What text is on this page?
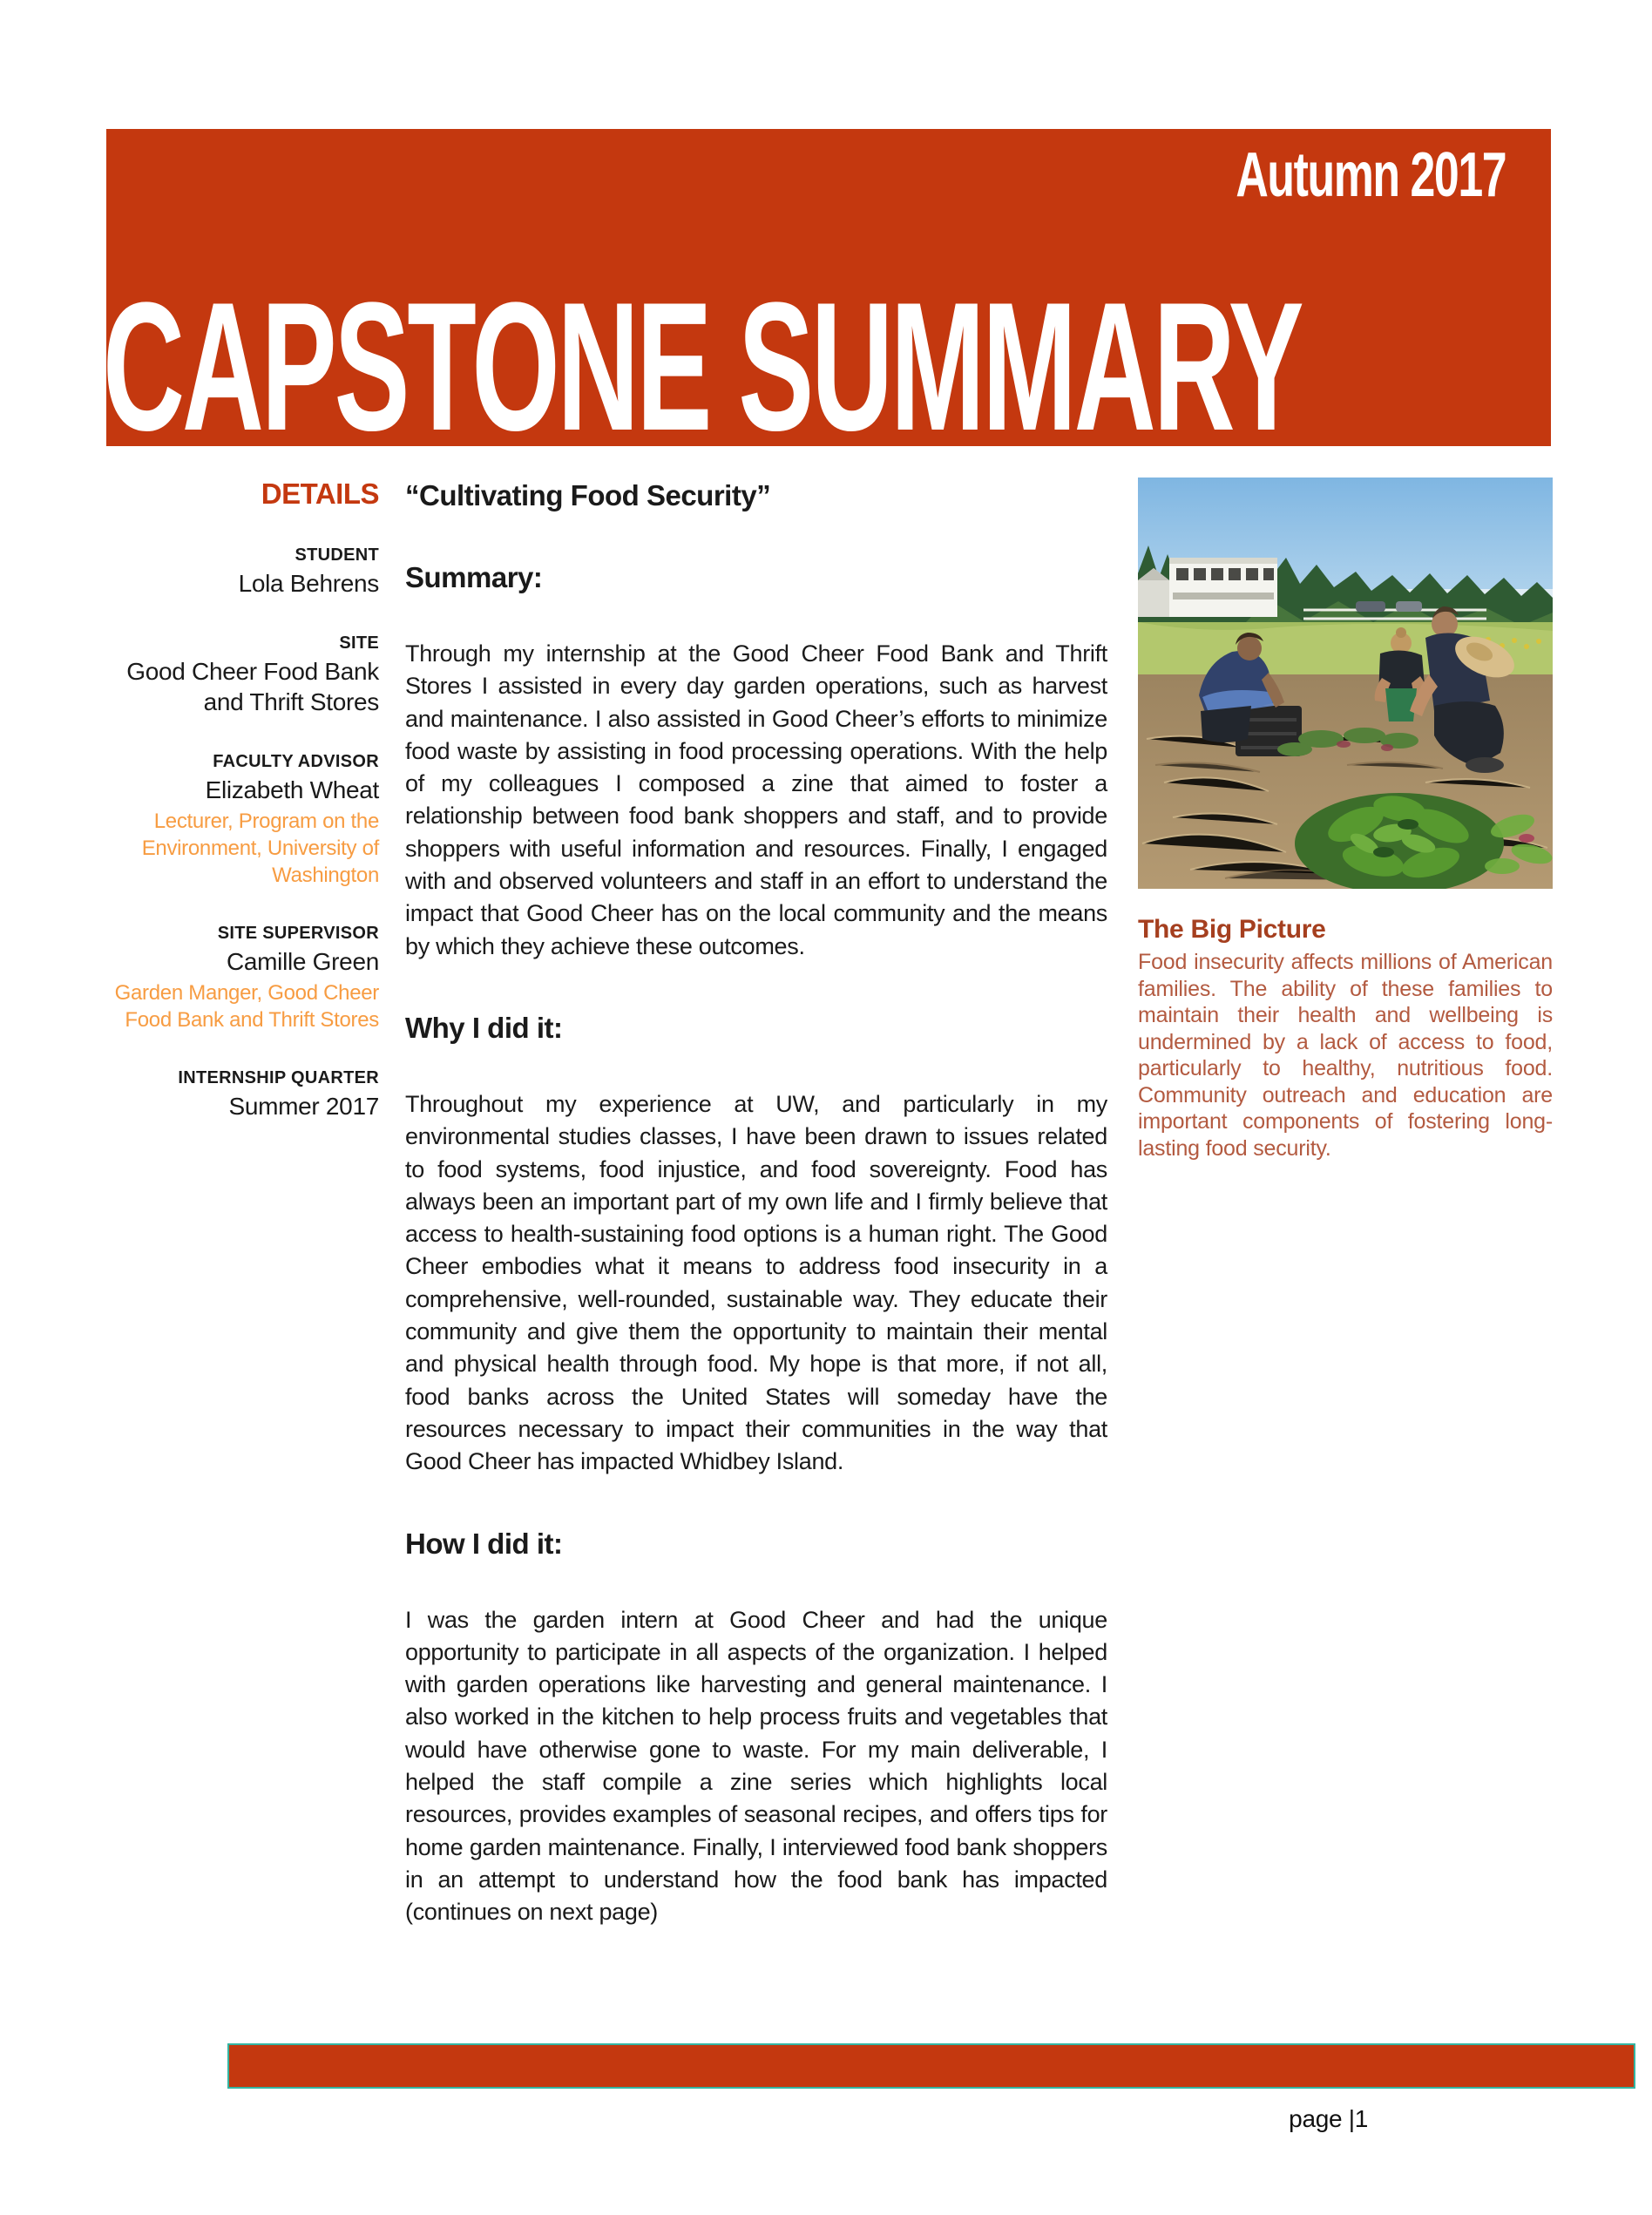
Autumn 2017
CAPSTONE SUMMARY
DETAILS
STUDENT
Lola Behrens
SITE
Good Cheer Food Bank and Thrift Stores
FACULTY ADVISOR
Elizabeth Wheat
Lecturer, Program on the Environment, University of Washington
SITE SUPERVISOR
Camille Green
Garden Manger, Good Cheer Food Bank and Thrift Stores
INTERNSHIP QUARTER
Summer 2017
“Cultivating Food Security”
Summary:
Through my internship at the Good Cheer Food Bank and Thrift Stores I assisted in every day garden operations, such as harvest and maintenance. I also assisted in Good Cheer’s efforts to minimize food waste by assisting in food processing operations. With the help of my colleagues I composed a zine that aimed to foster a relationship between food bank shoppers and staff, and to provide shoppers with useful information and resources. Finally, I engaged with and observed volunteers and staff in an effort to understand the impact that Good Cheer has on the local community and the means by which they achieve these outcomes.
Why I did it:
Throughout my experience at UW, and particularly in my environmental studies classes, I have been drawn to issues related to food systems, food injustice, and food sovereignty. Food has always been an important part of my own life and I firmly believe that access to health-sustaining food options is a human right. The Good Cheer embodies what it means to address food insecurity in a comprehensive, well-rounded, sustainable way. They educate their community and give them the opportunity to maintain their mental and physical health through food. My hope is that more, if not all, food banks across the United States will someday have the resources necessary to impact their communities in the way that Good Cheer has impacted Whidbey Island.
How I did it:
I was the garden intern at Good Cheer and had the unique opportunity to participate in all aspects of the organization. I helped with garden operations like harvesting and general maintenance. I also worked in the kitchen to help process fruits and vegetables that would have otherwise gone to waste. For my main deliverable, I helped the staff compile a zine series which highlights local resources, provides examples of seasonal recipes, and offers tips for home garden maintenance. Finally, I interviewed food bank shoppers in an attempt to understand how the food bank has impacted (continues on next page)
The Big Picture
Food insecurity affects millions of American families. The ability of these families to maintain their health and wellbeing is undermined by a lack of access to food, particularly to healthy, nutritious food. Community outreach and education are important components of fostering long-lasting food security.
page |1
